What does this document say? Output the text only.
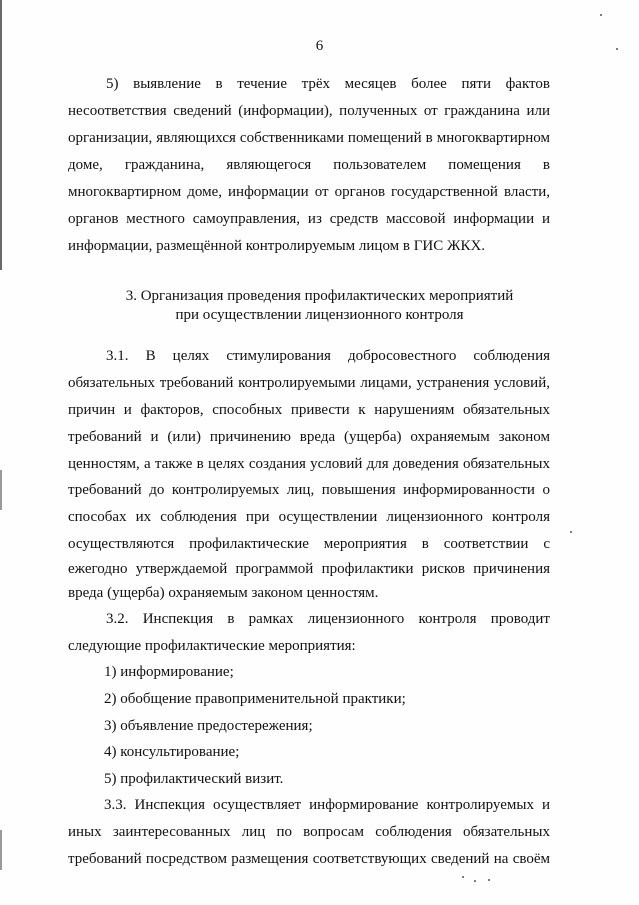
6
5) выявление в течение трёх месяцев более пяти фактов
несоответствия сведений (информации), полученных от гражданина или
организации, являющихся собственниками помещений в многоквартирном
доме, гражданина, являющегося пользователем помещения в
многоквартирном доме, информации от органов государственной власти,
органов местного самоуправления, из средств массовой информации и
информации, размещённой контролируемым лицом в ГИС ЖКХ.
3. Организация проведения профилактических мероприятий
при осуществлении лицензионного контроля
3.1. В целях стимулирования добросовестного соблюдения
обязательных требований контролируемыми лицами, устранения условий,
причин и факторов, способных привести к нарушениям обязательных
требований и (или) причинению вреда (ущерба) охраняемым законом
ценностям, а также в целях создания условий для доведения обязательных
требований до контролируемых лиц, повышения информированности о
способах их соблюдения при осуществлении лицензионного контроля
осуществляются профилактические мероприятия в соответствии с
ежегодно утверждаемой программой профилактики рисков причинения
вреда (ущерба) охраняемым законом ценностям.
3.2. Инспекция в рамках лицензионного контроля проводит
следующие профилактические мероприятия:
1) информирование;
2) обобщение правоприменительной практики;
3) объявление предостережения;
4) консультирование;
5) профилактический визит.
3.3. Инспекция осуществляет информирование контролируемых и
иных заинтересованных лиц по вопросам соблюдения обязательных
требований посредством размещения соответствующих сведений на своём
